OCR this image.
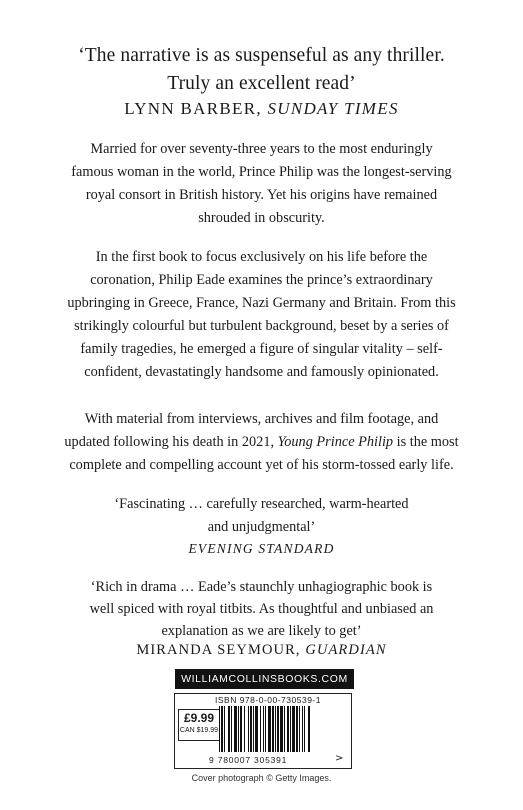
‘The narrative is as suspenseful as any thriller.
Truly an excellent read’
LYNN BARBER, SUNDAY TIMES
Married for over seventy-three years to the most enduringly
famous woman in the world, Prince Philip was the longest-serving
royal consort in British history. Yet his origins have remained
shrouded in obscurity.
In the first book to focus exclusively on his life before the
coronation, Philip Eade examines the prince’s extraordinary
upbringing in Greece, France, Nazi Germany and Britain. From this
strikingly colourful but turbulent background, beset by a series of
family tragedies, he emerged a figure of singular vitality – self-
confident, devastatingly handsome and famously opinionated.
With material from interviews, archives and film footage, and
updated following his death in 2021, Young Prince Philip is the most
complete and compelling account yet of his storm-tossed early life.
‘Fascinating … carefully researched, warm-hearted
and unjudgmental’
EVENING STANDARD
‘Rich in drama … Eade’s staunchly unhagiographic book is
well spiced with royal titbits. As thoughtful and unbiased an
explanation as we are likely to get’
MIRANDA SEYMOUR, GUARDIAN
WILLIAMCOLLINSBOOKS.COM
ISBN 978-0-00-730539-1
£9.99
CAN $19.99
9 780007 305391	>
Cover photograph © Getty Images.
